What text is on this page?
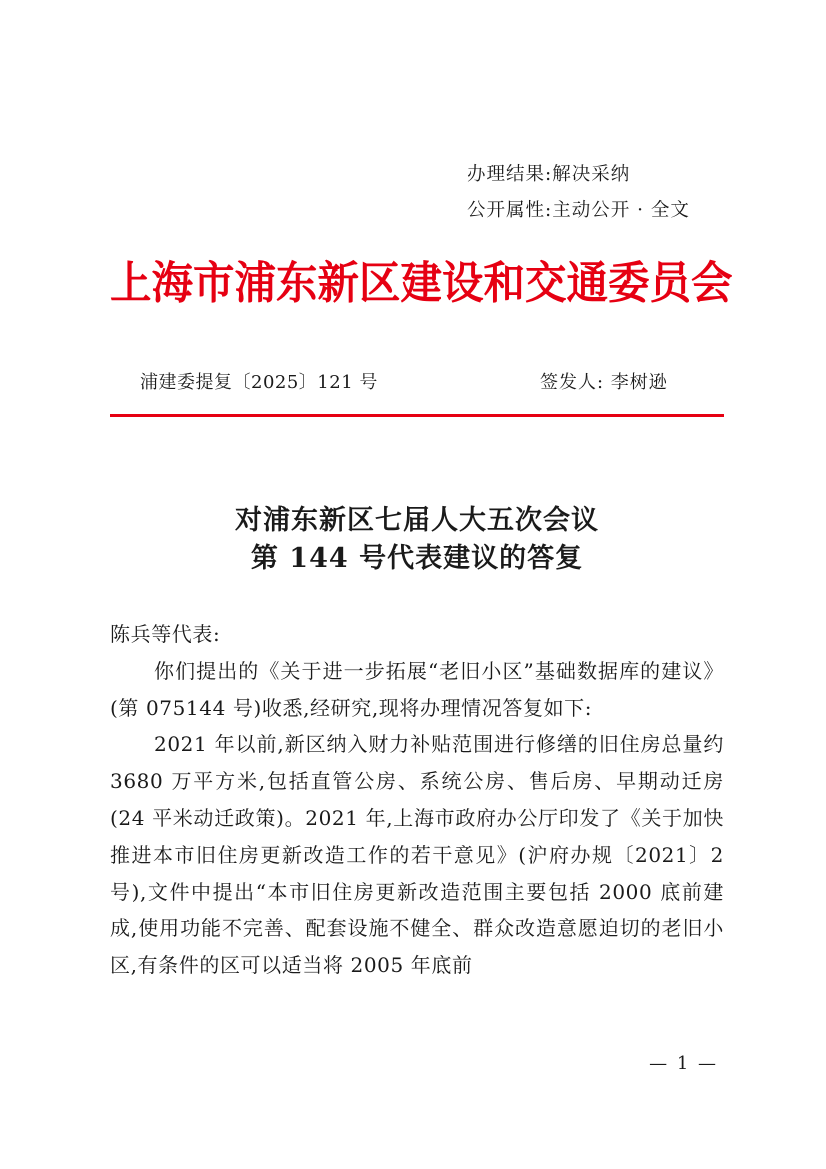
办理结果:解决采纳
公开属性:主动公开 · 全文
上海市浦东新区建设和交通委员会
浦建委提复〔2025〕121 号	签发人: 李树逊
对浦东新区七届人大五次会议
第 144 号代表建议的答复

陈兵等代表:

你们提出的《关于进一步拓展“老旧小区”基础数据库的建议》(第 075144 号)收悉,经研究,现将办理情况答复如下:

2021 年以前,新区纳入财力补贴范围进行修缮的旧住房总量约 3680 万平方米,包括直管公房、系统公房、售后房、早期动迁房(24 平米动迁政策)。2021 年,上海市政府办公厅印发了《关于加快推进本市旧住房更新改造工作的若干意见》(沪府办规〔2021〕2 号),文件中提出“本市旧住房更新改造范围主要包括 2000 底前建成,使用功能不完善、配套设施不健全、群众改造意愿迫切的老旧小区,有条件的区可以适当将 2005 年底前

— 1 —
